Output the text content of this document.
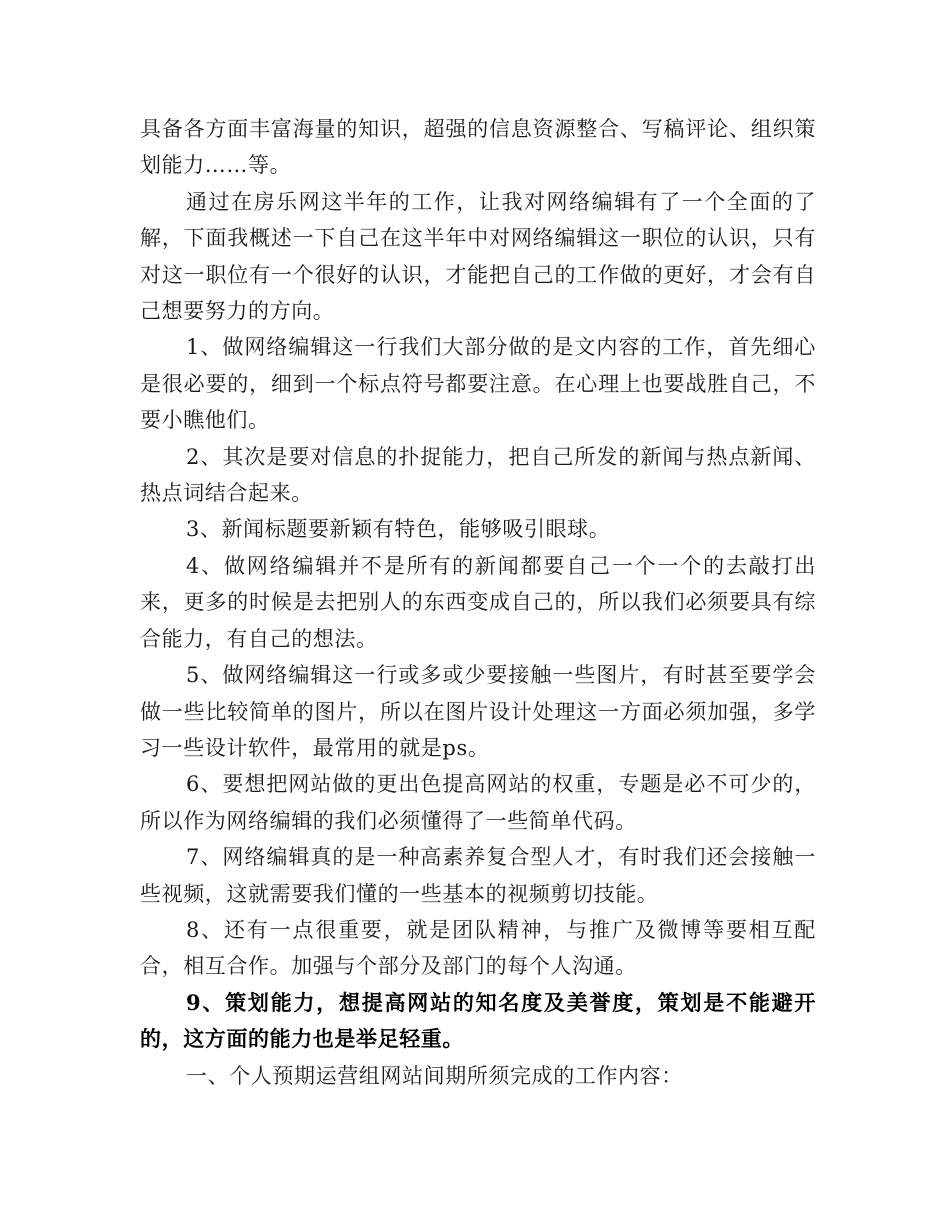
具备各方面丰富海量的知识，超强的信息资源整合、写稿评论、组织策划能力……等。

通过在房乐网这半年的工作，让我对网络编辑有了一个全面的了解，下面我概述一下自己在这半年中对网络编辑这一职位的认识，只有对这一职位有一个很好的认识，才能把自己的工作做的更好，才会有自己想要努力的方向。

1、做网络编辑这一行我们大部分做的是文内容的工作，首先细心是很必要的，细到一个标点符号都要注意。在心理上也要战胜自己，不要小瞧他们。

2、其次是要对信息的扑捉能力，把自己所发的新闻与热点新闻、热点词结合起来。

3、新闻标题要新颖有特色，能够吸引眼球。

4、做网络编辑并不是所有的新闻都要自己一个一个的去敲打出来，更多的时候是去把别人的东西变成自己的，所以我们必须要具有综合能力，有自己的想法。

5、做网络编辑这一行或多或少要接触一些图片，有时甚至要学会做一些比较简单的图片，所以在图片设计处理这一方面必须加强，多学习一些设计软件，最常用的就是ps。

6、要想把网站做的更出色提高网站的权重，专题是必不可少的，所以作为网络编辑的我们必须懂得了一些简单代码。

7、网络编辑真的是一种高素养复合型人才，有时我们还会接触一些视频，这就需要我们懂的一些基本的视频剪切技能。

8、还有一点很重要，就是团队精神，与推广及微博等要相互配合，相互合作。加强与个部分及部门的每个人沟通。

9、策划能力，想提高网站的知名度及美誉度，策划是不能避开的，这方面的能力也是举足轻重。

一、个人预期运营组网站间期所须完成的工作内容：
